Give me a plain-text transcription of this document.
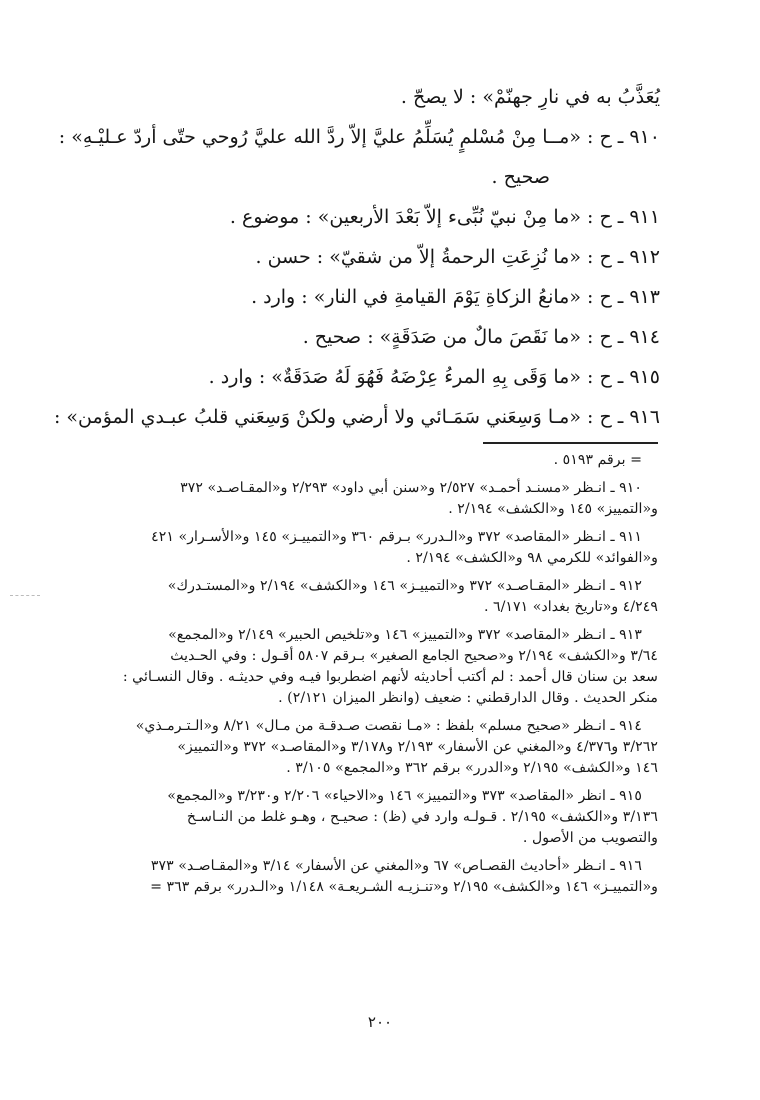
يُعَذَّبُ به في نارِ جهنّمْ» : لا يصحّ .

٩١٠ ـ ح : «مــا مِنْ مُسْلمٍ يُسَلِّمُ عليَّ إلاّ ردَّ الله عليَّ رُوحي حتّى أردّ عـليْـهِ» :

صحيح .

٩١١ ـ ح : «ما مِنْ نبيّ نُبِّىء إلاّ بَعْدَ الأربعين» : موضوع .

٩١٢ ـ ح : «ما نُزِعَتِ الرحمةُ إلاّ من شقيّ» : حسن .

٩١٣ ـ ح : «مانعُ الزكاةِ يَوْمَ القيامةِ في النار» : وارد .

٩١٤ ـ ح : «ما نَقَصَ مالٌ من صَدَقَةٍ» : صحيح .

٩١٥ ـ ح : «ما وَقَى بِهِ المرءُ عِرْضَهُ فَهُوَ لَهُ صَدَقَةٌ» : وارد .

٩١٦ ـ ح : «مـا وَسِعَني سَمَـائي ولا أرضي ولكنْ وَسِعَني قلبُ عبـدي المؤمن» :

= برقم ٥١٩٣ .

٩١٠ ـ انـظر «مسنـد أحمـد» ٢/٥٢٧ و«سنن أبي داود» ٢/٢٩٣ و«المقـاصـد» ٣٧٢

و«التمييز» ١٤٥ و«الكشف» ٢/١٩٤ .

٩١١ ـ انـظر «المقاصد» ٣٧٢ و«الـدرر» بـرقم ٣٦٠ و«التمييـز» ١٤٥ و«الأسـرار» ٤٢١

و«الفوائد» للكرمي ٩٨ و«الكشف» ٢/١٩٤ .

٩١٢ ـ انـظر «المقـاصـد» ٣٧٢ و«التمييـز» ١٤٦ و«الكشف» ٢/١٩٤ و«المستـدرك»

٤/٢٤٩ و«تاريخ بغداد» ٦/١٧١ .

٩١٣ ـ انـظر «المقاصد» ٣٧٢ و«التمييز» ١٤٦ و«تلخيص الحبير» ٢/١٤٩ و«المجمع»

٣/٦٤ و«الكشف» ٢/١٩٤ و«صحيح الجامع الصغير» بـرقم ٥٨٠٧ أقـول : وفي الحـديث

سعد بن سنان قال أحمد : لم أكتب أحاديثه لأنهم اضطربوا فيـه وفي حديثـه . وقال النسـائي :

منكر الحديث . وقال الدارقطني : ضعيف (وانظر الميزان ٢/١٢١) .

٩١٤ ـ انـظر «صحيح مسلم» بلفظ : «مـا نقصت صـدقـة من مـال» ٨/٢١ و«الـتـرمـذي»

٣/٢٦٢ و٤/٣٧٦ و«المغني عن الأسفار» ٢/١٩٣ و٣/١٧٨ و«المقاصـد» ٣٧٢ و«التمييز»

١٤٦ و«الكشف» ٢/١٩٥ و«الدرر» برقم ٣٦٢ و«المجمع» ٣/١٠٥ .

٩١٥ ـ انظر «المقاصد» ٣٧٣ و«التمييز» ١٤٦ و«الاحياء» ٢/٢٠٦ و٣/٢٣٠ و«المجمع»

٣/١٣٦ و«الكشف» ٢/١٩٥ . قـولـه وارد في (ظ) : صحيـح ، وهـو غلط من النـاسـخ

والتصويب من الأصول .

٩١٦ ـ انـظر «أحاديث القصـاص» ٦٧ و«المغني عن الأسفار» ٣/١٤ و«المقـاصـد» ٣٧٣

و«التمييـز» ١٤٦ و«الكشف» ٢/١٩٥ و«تنـزيـه الشـريعـة» ١/١٤٨ و«الـدرر» برقم ٣٦٣ =

٢٠٠
